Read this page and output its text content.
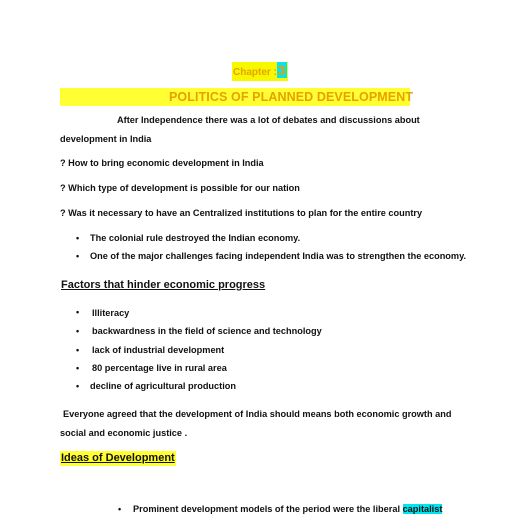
Chapter :3
POLITICS OF PLANNED DEVELOPMENT
After Independence there was a lot of debates and discussions about
development in India
? How to bring economic development in India
? Which type of development is possible for our nation
? Was it necessary to have an Centralized institutions to plan for the entire country
• The colonial rule destroyed the Indian economy.
• One of the major challenges facing independent India was to strengthen the economy.
Factors that hinder economic progress
• Illiteracy
• backwardness in the field of science and technology
• lack of industrial development
• 80 percentage live in rural area
• decline of agricultural production
Everyone agreed that the development of India should means both economic growth and
social and economic justice .
Ideas of Development
• Prominent development models of the period were the liberal capitalist
